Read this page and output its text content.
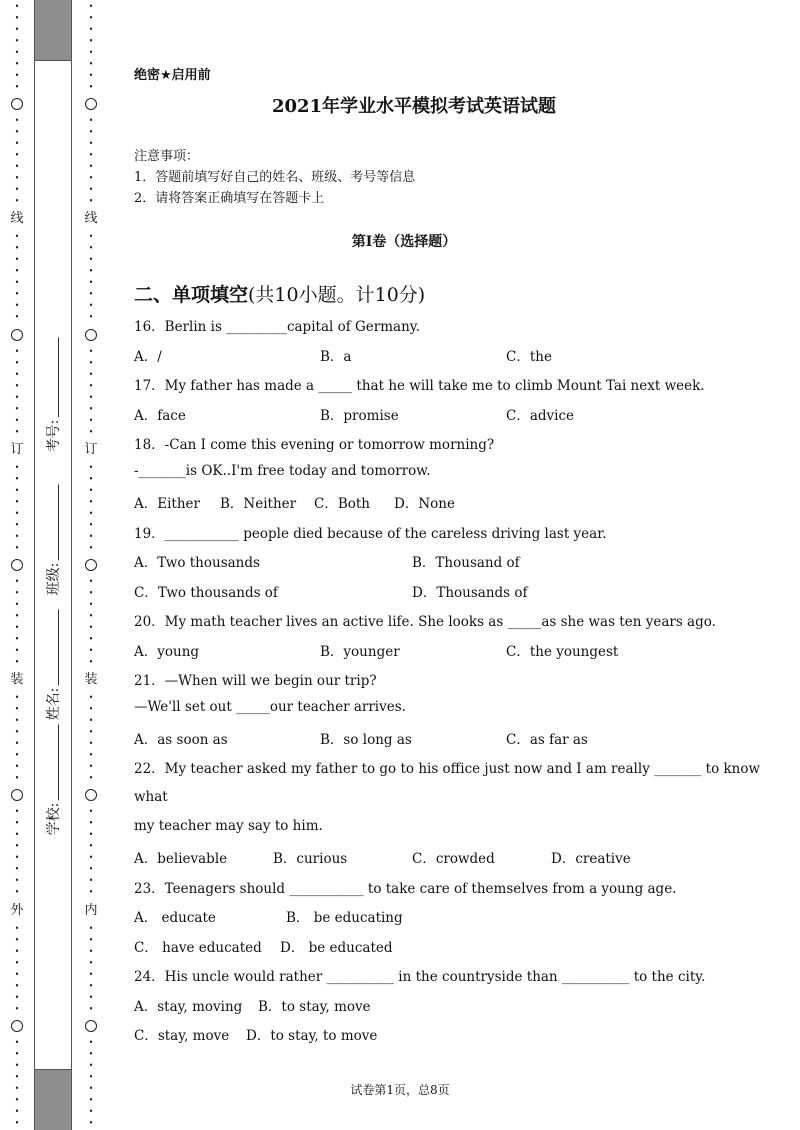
线
订
装
外
考号:
班级:
姓名:
学校:
线
订
装
内
绝密★启用前
2021年学业水平模拟考试英语试题
注意事项：
1．答题前填写好自己的姓名、班级、考号等信息
2．请将答案正确填写在答题卡上
第I卷（选择题）
二、单项填空(共10小题。计10分)
16．Berlin is _________capital of Germany.
A．/	B．a	C．the
17．My father has made a _____ that he will take me to climb Mount Tai next week.
A．face	B．promise	C．advice
18．-Can I come this evening or tomorrow morning?
-_______is OK..I'm free today and tomorrow.
A．Either B．Neither C．Both D．None
19．___________ people died because of the careless driving last year.
A．Two thousands	B．Thousand of
C．Two thousands of	D．Thousands of
20．My math teacher lives an active life. She looks as _____as she was ten years ago.
A．young	B．younger	C．the youngest
21．—When will we begin our trip?
—We'll set out _____our teacher arrives.
A．as soon as	B．so long as	C．as far as
22．My teacher asked my father to go to his office just now and I am really _______ to know
what
my teacher may say to him.
A．believable	B．curious	C．crowded	D．creative
23．Teenagers should ___________ to take care of themselves from a young age.
A． educate	B． be educating
C． have educated D． be educated
24．His uncle would rather __________ in the countryside than __________ to the city.
A．stay, moving B．to stay, move
C．stay, move D．to stay, to move
试卷第1页，总8页
